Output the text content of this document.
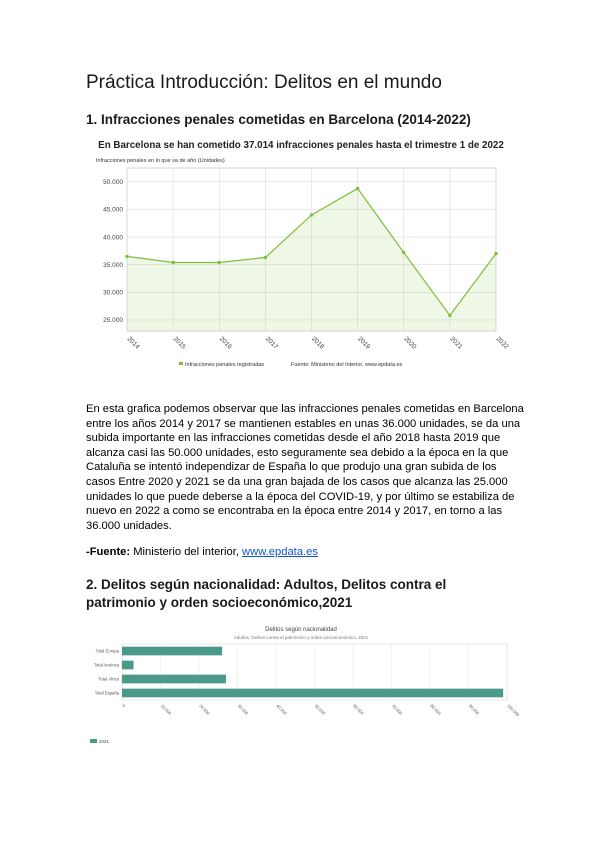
Práctica Introducción: Delitos en el mundo
1. Infracciones penales cometidas en Barcelona (2014-2022)
En Barcelona se han cometido 37.014 infracciones penales hasta el trimestre 1 de 2022
Infracciones penales en lo que va de año (Unidades)
25.000
30.000
35.000
40.000
45.000
50.000
2014	2015	2016	2017	2018	2019	2020	2021	2022
Infracciones penales registradas	Fuente: Ministerio del Interior, www.epdata.es
En esta grafica podemos observar que las infracciones penales cometidas en Barcelona
entre los años 2014 y 2017 se mantienen estables en unas 36.000 unidades, se da una
subida importante en las infracciones cometidas desde el año 2018 hasta 2019 que
alcanza casi las 50.000 unidades, esto seguramente sea debido a la época en la que
Cataluña se intentó independizar de España lo que produjo una gran subida de los
casos Entre 2020 y 2021 se da una gran bajada de los casos que alcanza las 25.000
unidades lo que puede deberse a la época del COVID-19, y por último se estabiliza de
nuevo en 2022 a como se encontraba en la época entre 2014 y 2017, en torno a las
36.000 unidades.

-Fuente: Ministerio del interior, www.epdata.es

2. Delitos según nacionalidad: Adultos, Delitos contra el patrimonio y orden socioeconómico,2021
Delitos según nacionalidad
Adultos, Delitos contra el patrimonio y orden socioeconómico, 2021
Total Europa
Total América
Total África
Total España
0	10.000	20.000	30.000	40.000	50.000	60.000	70.000	80.000	90.000	100.000
2021
